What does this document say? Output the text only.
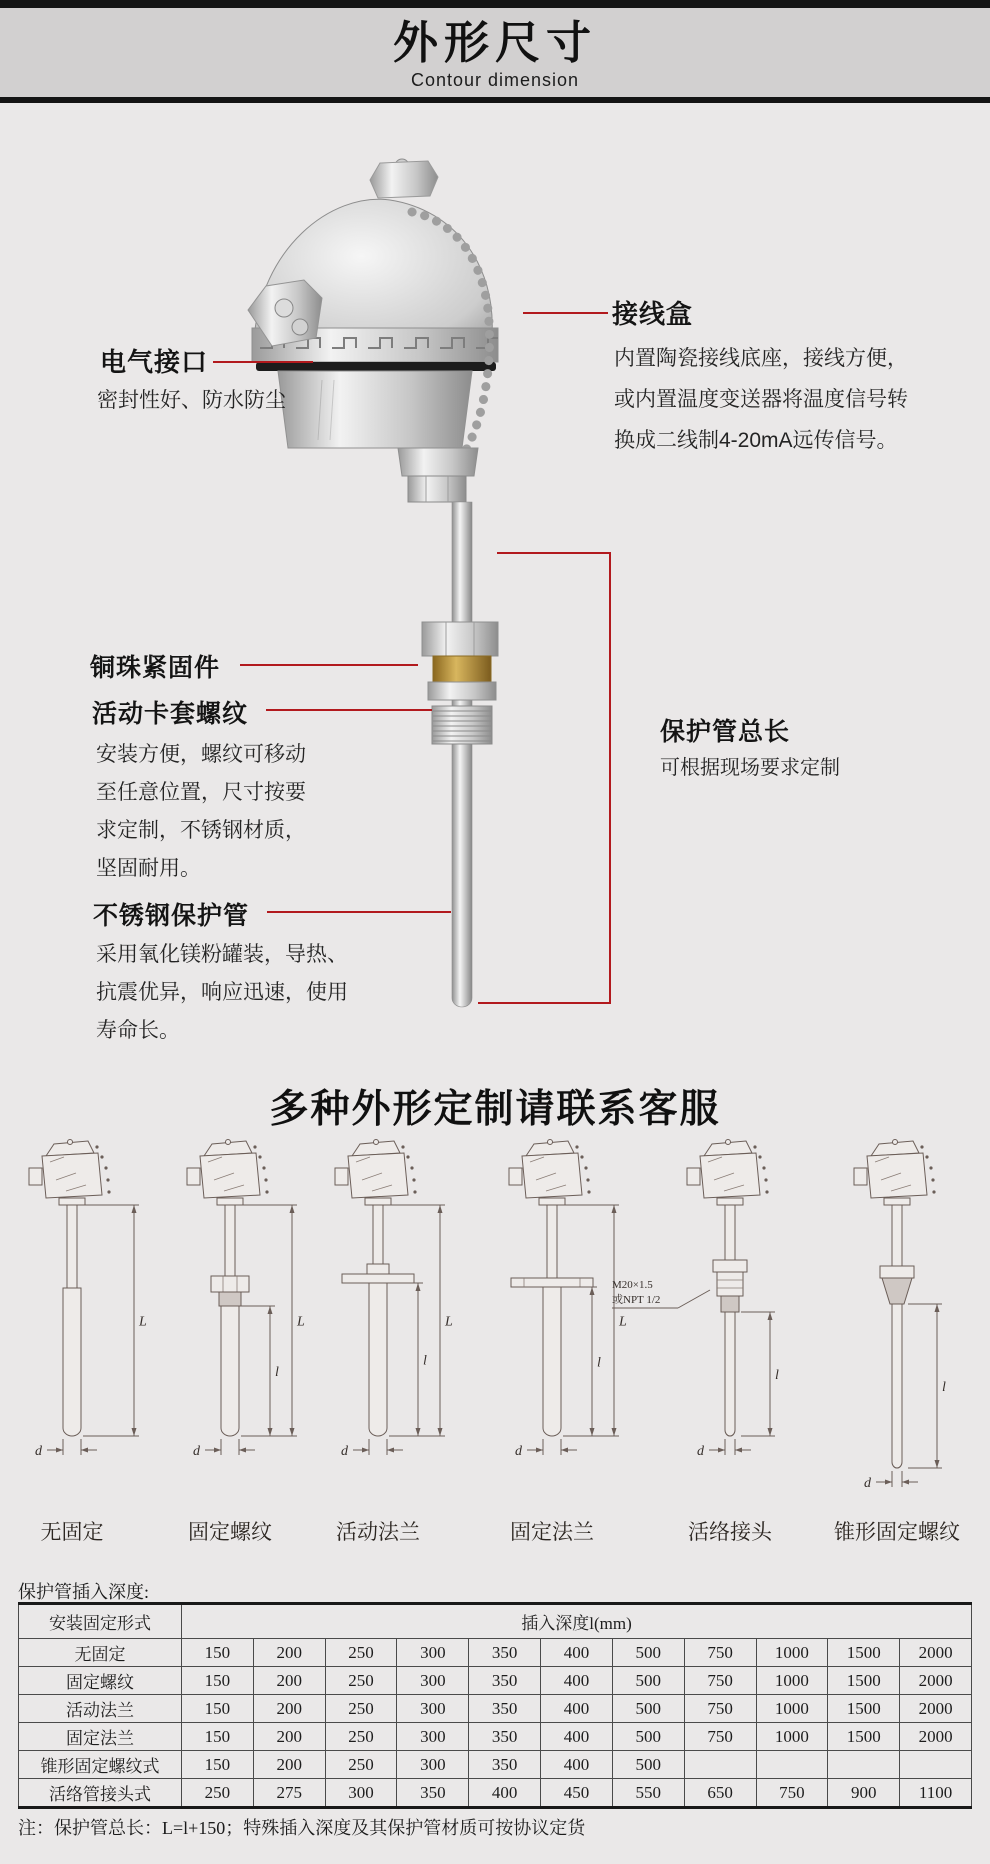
外形尺寸
Contour dimension
电气接口
密封性好、防水防尘
接线盒
内置陶瓷接线底座，接线方便，
或内置温度变送器将温度信号转
换成二线制4-20mA远传信号。
铜珠紧固件
活动卡套螺纹
安装方便，螺纹可移动
至任意位置，尺寸按要
求定制，不锈钢材质，
坚固耐用。
不锈钢保护管
采用氧化镁粉罐装，导热、
抗震优异，响应迅速，使用
寿命长。
保护管总长
可根据现场要求定制
多种外形定制请联系客服
L
d
L
l
d
L
l
d
L
l
d
M20×1.5
或NPT 1/2
l
d
l
d
无固定	固定螺纹	活动法兰	固定法兰	活络接头	锥形固定螺纹
保护管插入深度:
安装固定形式	插入深度l(mm)										
无固定	150	200	250	300	350	400	500	750	1000	1500	2000
固定螺纹	150	200	250	300	350	400	500	750	1000	1500	2000
活动法兰	150	200	250	300	350	400	500	750	1000	1500	2000
固定法兰	150	200	250	300	350	400	500	750	1000	1500	2000
锥形固定螺纹式	150	200	250	300	350	400	500				
活络管接头式	250	275	300	350	400	450	550	650	750	900	1100
注：保护管总长：L=l+150；特殊插入深度及其保护管材质可按协议定货
